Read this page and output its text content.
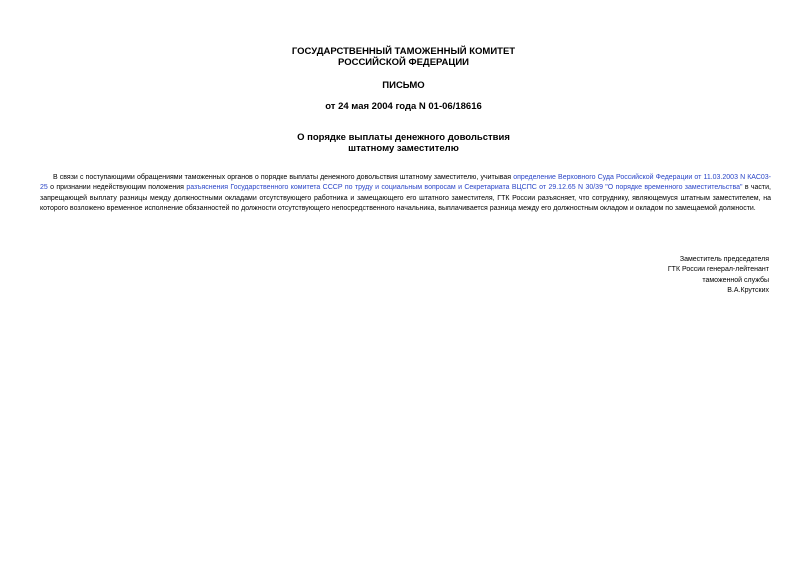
ГОСУДАРСТВЕННЫЙ ТАМОЖЕННЫЙ КОМИТЕТ

РОССИЙСКОЙ ФЕДЕРАЦИИ

ПИСЬМО

от 24 мая 2004 года N 01-06/18616

О порядке выплаты денежного довольствия

штатному заместителю

В связи с поступающими обращениями таможенных органов о порядке выплаты денежного довольствия штатному заместителю, учитывая определение Верховного Суда Российской Федерации от 11.03.2003 N КАС03-25 о признании недействующим положения разъяснения Государственного комитета СССР по труду и социальным вопросам и Секретариата ВЦСПС от 29.12.65 N 30/39 "О порядке временного заместительства" в части, запрещающей выплату разницы между должностными окладами отсутствующего работника и замещающего его штатного заместителя, ГТК России разъясняет, что сотруднику, являющемуся штатным заместителем, на которого возложено временное исполнение обязанностей по должности отсутствующего непосредственного начальника, выплачивается разница между его должностным окладом и окладом по замещаемой должности.

Заместитель председателя
ГТК России генерал-лейтенант
таможенной службы
В.А.Крутских
